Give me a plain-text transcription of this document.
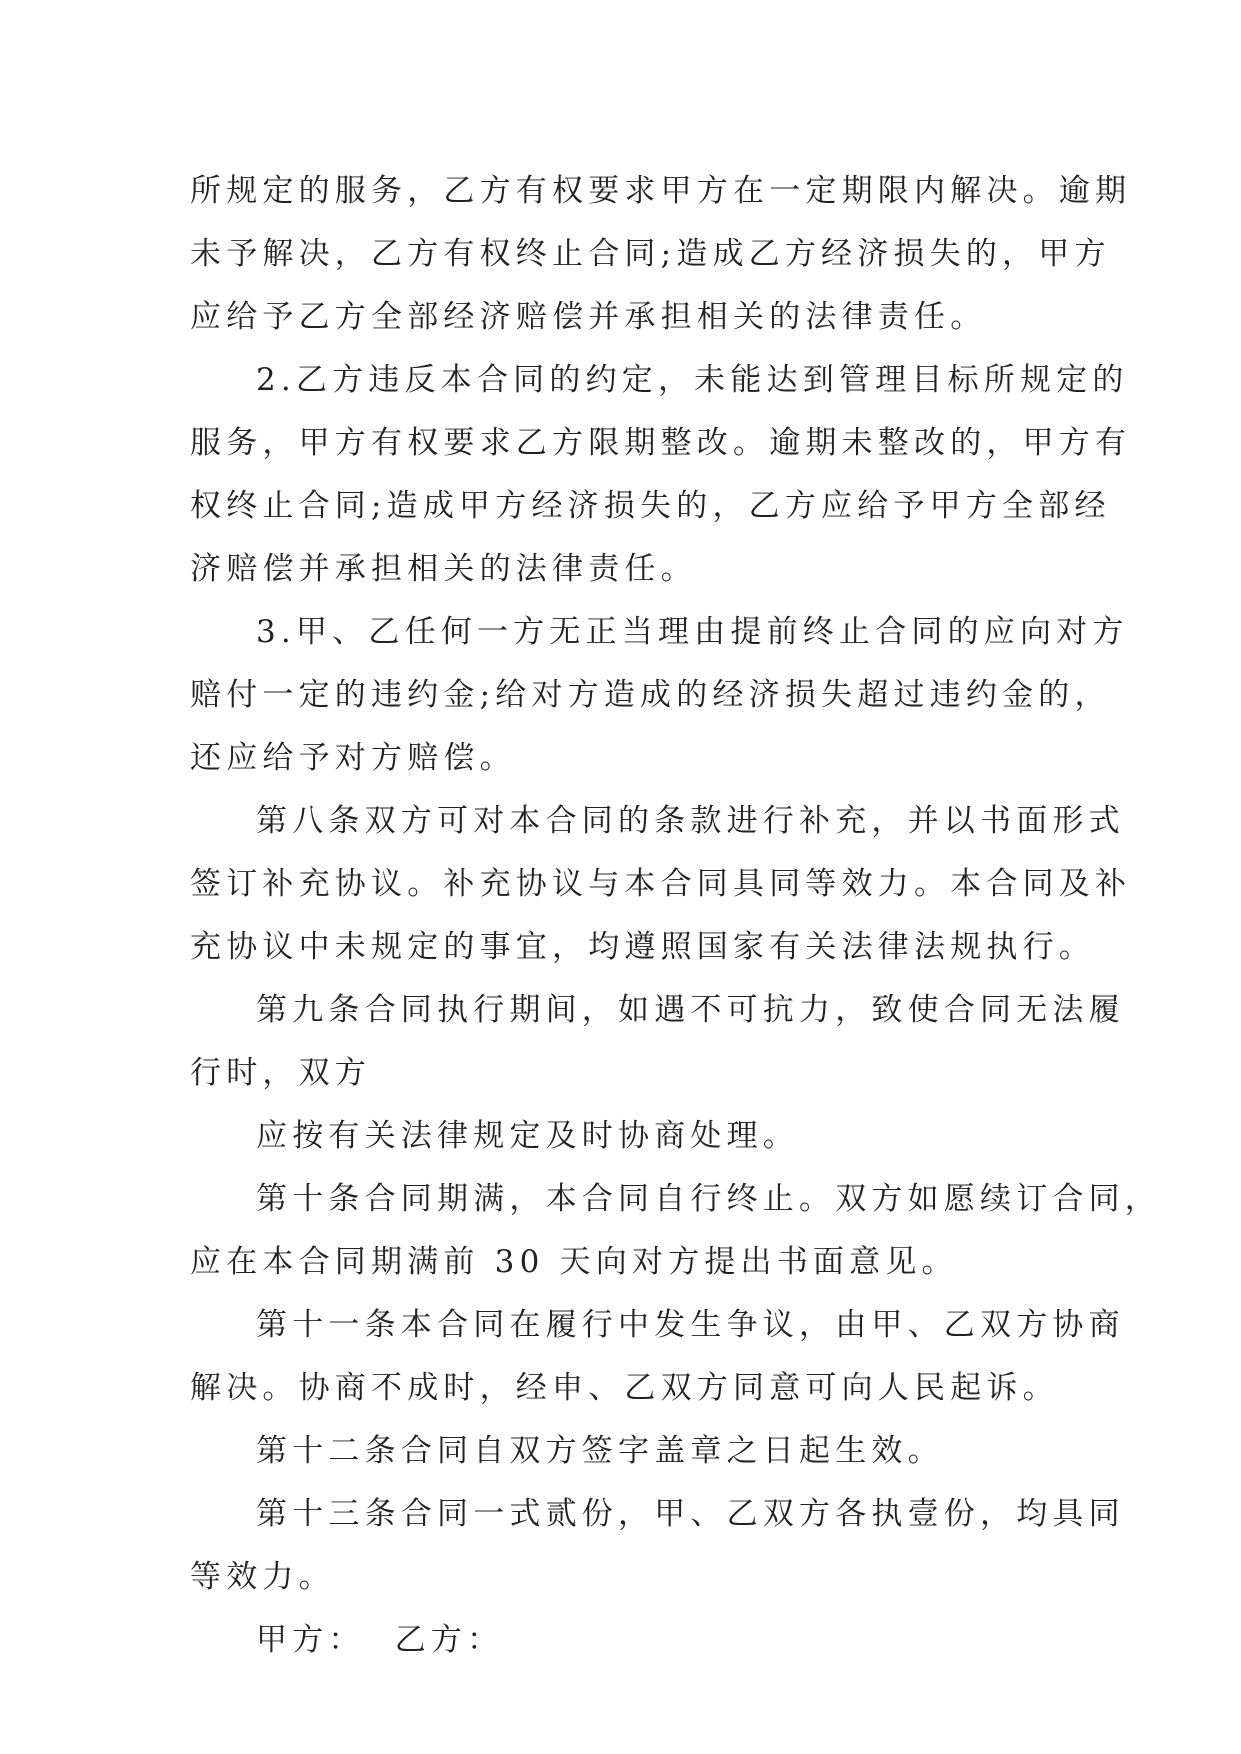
所规定的服务，乙方有权要求甲方在一定期限内解决。逾期
未予解决，乙方有权终止合同;造成乙方经济损失的，甲方
应给予乙方全部经济赔偿并承担相关的法律责任。

2.乙方违反本合同的约定，未能达到管理目标所规定的
服务，甲方有权要求乙方限期整改。逾期未整改的，甲方有
权终止合同;造成甲方经济损失的，乙方应给予甲方全部经
济赔偿并承担相关的法律责任。

3.甲、乙任何一方无正当理由提前终止合同的应向对方
赔付一定的违约金;给对方造成的经济损失超过违约金的，
还应给予对方赔偿。

第八条双方可对本合同的条款进行补充，并以书面形式
签订补充协议。补充协议与本合同具同等效力。本合同及补
充协议中未规定的事宜，均遵照国家有关法律法规执行。

第九条合同执行期间，如遇不可抗力，致使合同无法履
行时，双方

应按有关法律规定及时协商处理。

第十条合同期满，本合同自行终止。双方如愿续订合同，
应在本合同期满前 30 天向对方提出书面意见。

第十一条本合同在履行中发生争议，由甲、乙双方协商
解决。协商不成时，经申、乙双方同意可向人民起诉。

第十二条合同自双方签字盖章之日起生效。

第十三条合同一式贰份，甲、乙双方各执壹份，均具同
等效力。

甲方： 乙方：
